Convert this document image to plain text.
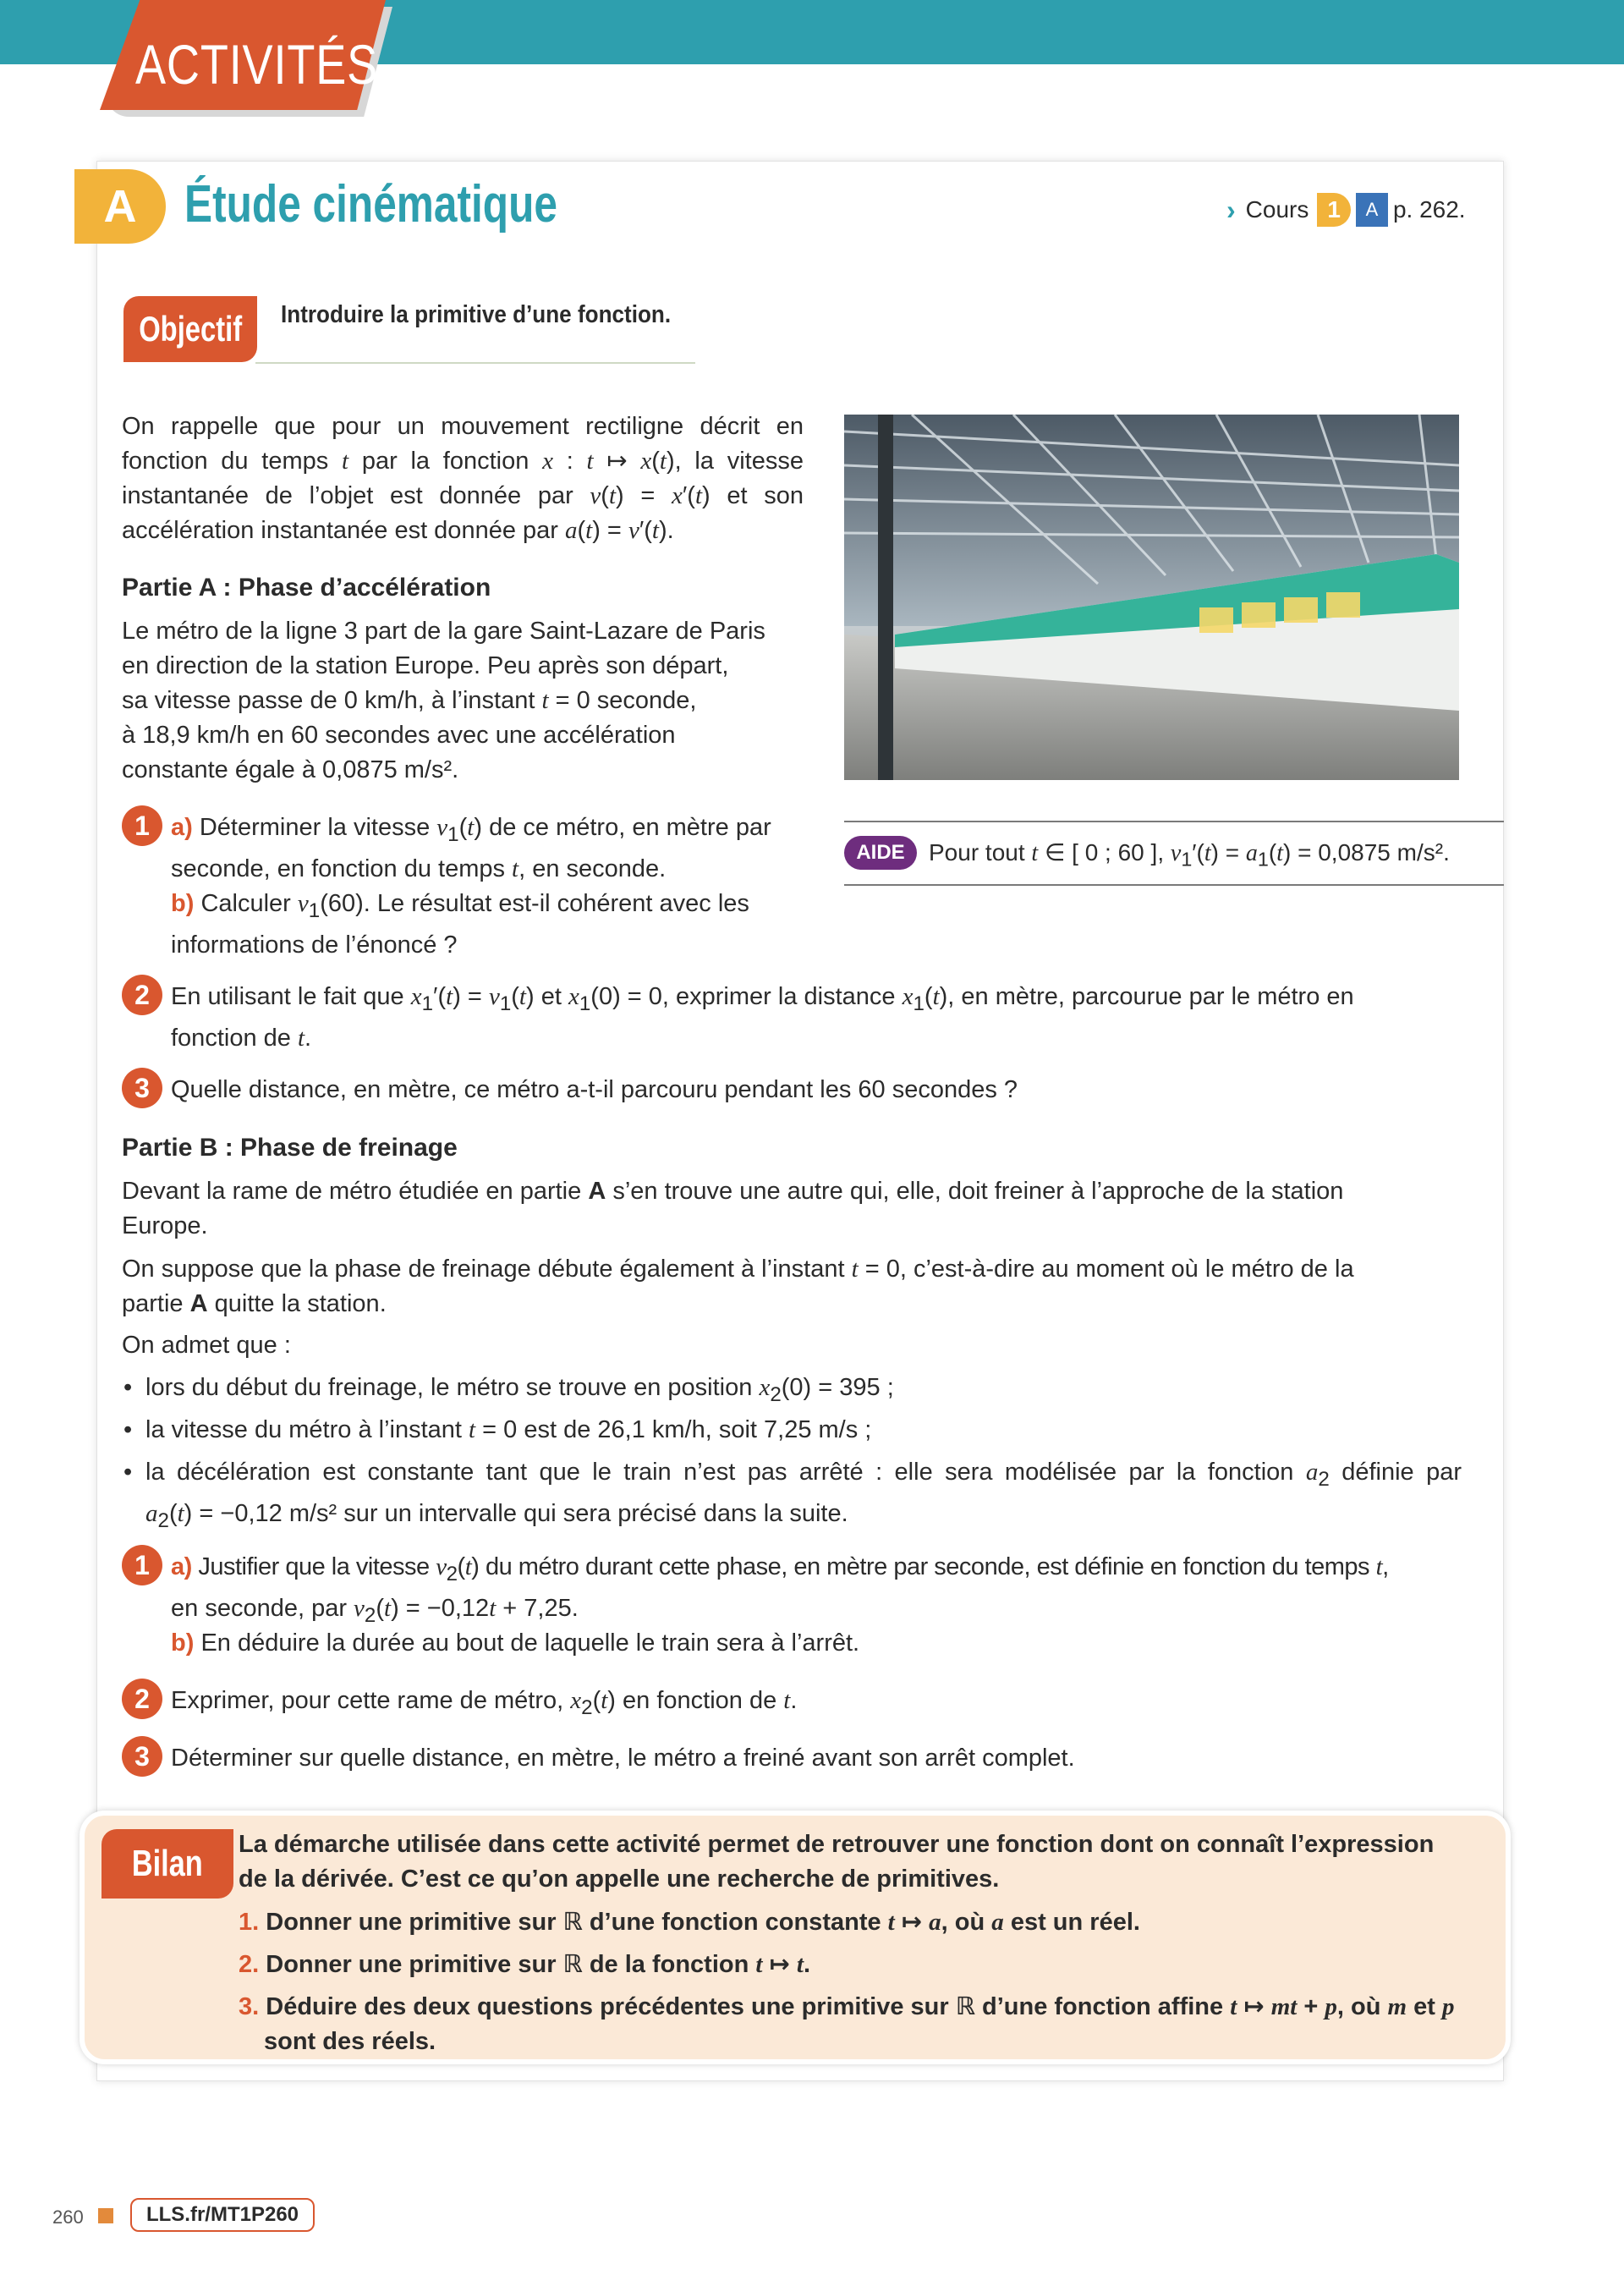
ACTIVITÉS
A Étude cinématique	› Cours 1	A p. 262.
Objectif Introduire la primitive d’une fonction.
On rappelle que pour un mouvement rectiligne décrit en
fonction du temps t par la fonction x : t ↦ x(t), la vitesse
instantanée de l’objet est donnée par v(t) = x′(t) et son
accélération instantanée est donnée par a(t) = v′(t).
Partie A : Phase d’accélération
Le métro de la ligne 3 part de la gare Saint-Lazare de Paris
en direction de la station Europe. Peu après son départ,
sa vitesse passe de 0 km/h, à l’instant t = 0 seconde,
à 18,9 km/h en 60 secondes avec une accélération
constante égale à 0,0875 m/s².
1 a) Déterminer la vitesse $v_1(t)$ de ce métro, en mètre par
seconde, en fonction du temps t, en seconde.
b) Calculer $v_1(60)$. Le résultat est-il cohérent avec les
informations de l’énoncé ?
AIDE	Pour tout t ∈ [ 0 ; 60 ], $v_1'(t) = a_1(t) = 0,0875$ m/s².
2 En utilisant le fait que $x_1'(t) = v_1(t)$ et $x_1(0) = 0$, exprimer la distance $x_1(t)$, en mètre, parcourue par le métro en
fonction de t.
3 Quelle distance, en mètre, ce métro a-t-il parcouru pendant les 60 secondes ?
Partie B : Phase de freinage
Devant la rame de métro étudiée en partie A s’en trouve une autre qui, elle, doit freiner à l’approche de la station
Europe.
On suppose que la phase de freinage débute également à l’instant t = 0, c’est-à-dire au moment où le métro de la
partie A quitte la station.
On admet que :
• lors du début du freinage, le métro se trouve en position $x_2(0) = 395$ ;
• la vitesse du métro à l’instant t = 0 est de 26,1 km/h, soit 7,25 m/s ;
• la décélération est constante tant que le train n’est pas arrêté : elle sera modélisée par la fonction $a_2$ définie par
$a_2(t) = -0,12$ m/s² sur un intervalle qui sera précisé dans la suite.
1 a) Justifier que la vitesse $v_2(t)$ du métro durant cette phase, en mètre par seconde, est définie en fonction du temps t,
en seconde, par $v_2(t) = -0,12t + 7,25$.
b) En déduire la durée au bout de laquelle le train sera à l’arrêt.
2 Exprimer, pour cette rame de métro, $x_2(t)$ en fonction de t.
3 Déterminer sur quelle distance, en mètre, le métro a freiné avant son arrêt complet.
Bilan La démarche utilisée dans cette activité permet de retrouver une fonction dont on connaît l’expression
de la dérivée. C’est ce qu’on appelle une recherche de primitives.
1. Donner une primitive sur ℝ d’une fonction constante t ↦ a, où a est un réel.
2. Donner une primitive sur ℝ de la fonction t ↦ t.
3. Déduire des deux questions précédentes une primitive sur ℝ d’une fonction affine t ↦ mt + p, où m et p
sont des réels.
260	LLS.fr/MT1P260
